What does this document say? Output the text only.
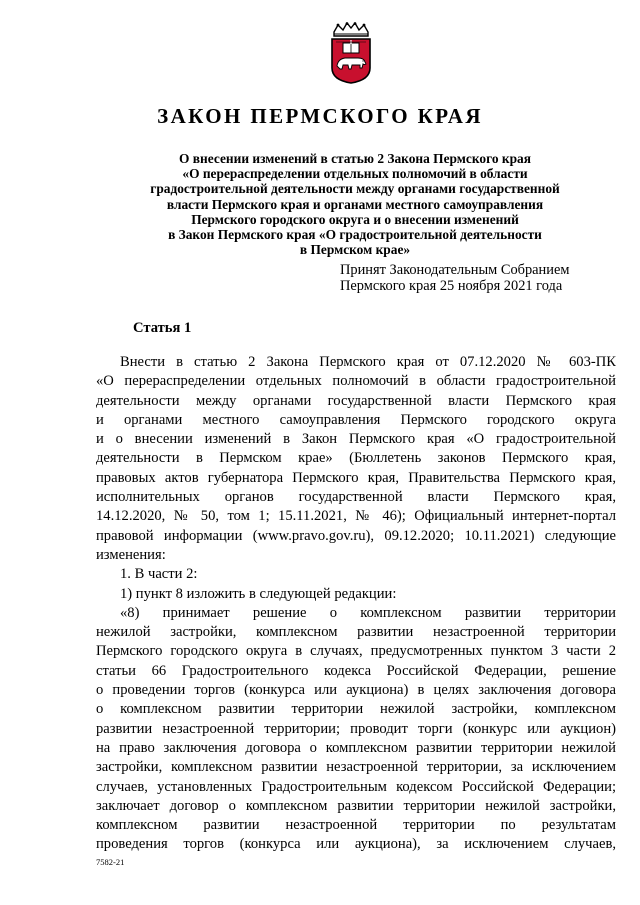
ЗАКОН ПЕРМСКОГО КРАЯ
О внесении изменений в статью 2 Закона Пермского края
«О перераспределении отдельных полномочий в области
градостроительной деятельности между органами государственной
власти Пермского края и органами местного самоуправления
Пермского городского округа и о внесении изменений
в Закон Пермского края «О градостроительной деятельности
в Пермском крае»
Принят Законодательным Собранием
Пермского края 25 ноября 2021 года
Статья 1
Внести в статью 2 Закона Пермского края от 07.12.2020 № 603-ПК
«О перераспределении отдельных полномочий в области градостроительной
деятельности между органами государственной власти Пермского края
и органами местного самоуправления Пермского городского округа
и о внесении изменений в Закон Пермского края «О градостроительной
деятельности в Пермском крае» (Бюллетень законов Пермского края,
правовых актов губернатора Пермского края, Правительства Пермского края,
исполнительных органов государственной власти Пермского края,
14.12.2020, № 50, том 1; 15.11.2021, № 46); Официальный интернет-портал
правовой информации (www.pravo.gov.ru), 09.12.2020; 10.11.2021) следующие
изменения:
1. В части 2:
1) пункт 8 изложить в следующей редакции:
«8) принимает решение о комплексном развитии территории
нежилой застройки, комплексном развитии незастроенной территории
Пермского городского округа в случаях, предусмотренных пунктом 3 части 2
статьи 66 Градостроительного кодекса Российской Федерации, решение
о проведении торгов (конкурса или аукциона) в целях заключения договора
о комплексном развитии территории нежилой застройки, комплексном
развитии незастроенной территории; проводит торги (конкурс или аукцион)
на право заключения договора о комплексном развитии территории нежилой
застройки, комплексном развитии незастроенной территории, за исключением
случаев, установленных Градостроительным кодексом Российской Федерации;
заключает договор о комплексном развитии территории нежилой застройки,
комплексном развитии незастроенной территории по результатам
проведения торгов (конкурса или аукциона), за исключением случаев,
7582-21
